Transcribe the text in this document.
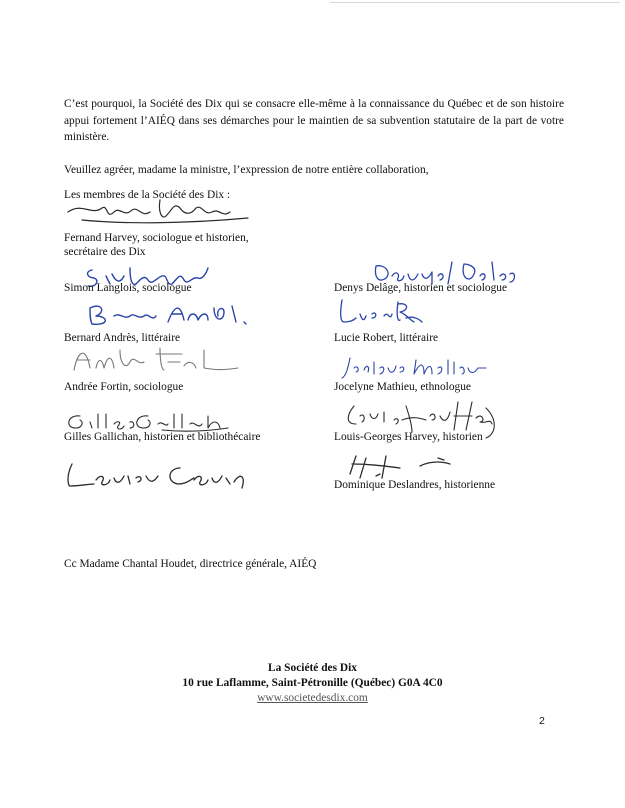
C’est pourquoi, la Société des Dix qui se consacre elle-même à la connaissance du Québec et de son histoire appui fortement l’AIÉQ dans ses démarches pour le maintien de sa subvention statutaire de la part de votre ministère.

Veuillez agréer, madame la ministre, l’expression de notre entière collaboration,

Les membres de la Société des Dix :

Fernand Harvey, sociologue et historien,
secrétaire des Dix
Simon Langlois, sociologue
Bernard Andrès, littéraire
Andrée Fortin, sociologue
Gilles Gallichan, historien et bibliothécaire
Denys Delâge, historien et sociologue
Lucie Robert, littéraire
Jocelyne Mathieu, ethnologue
Louis-Georges Harvey, historien
Dominique Deslandres, historienne

Cc Madame Chantal Houdet, directrice générale, AIÉQ

La Société des Dix
10 rue Laflamme, Saint-Pétronille (Québec) G0A 4C0
www.societedesdix.com
2
